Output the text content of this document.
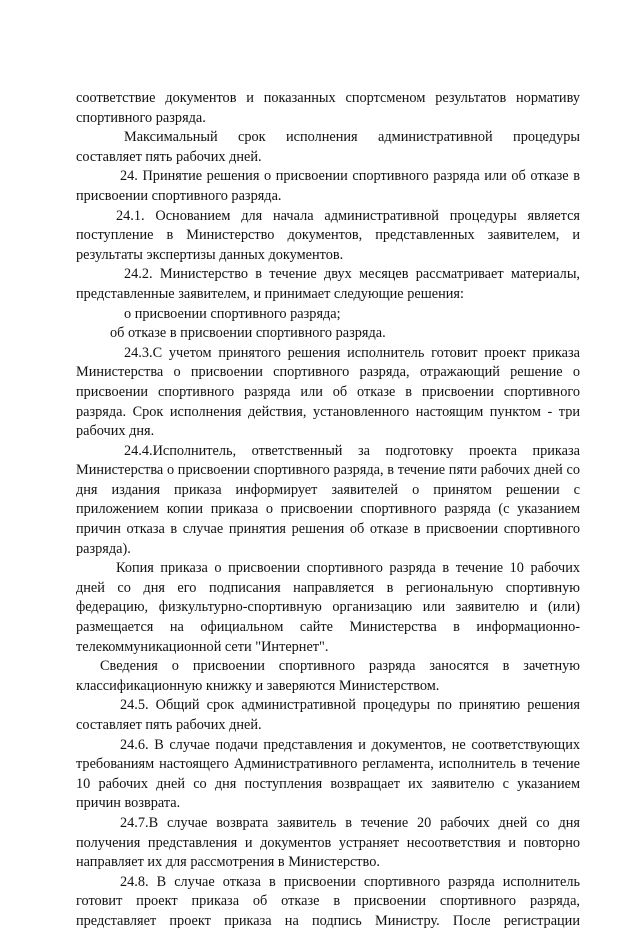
соответствие документов и показанных спортсменом результатов нормативу спортивного разряда.

Максимальный срок исполнения административной процедуры составляет пять рабочих дней.

24. Принятие решения о присвоении спортивного разряда или об отказе в присвоении спортивного разряда.

24.1. Основанием для начала административной процедуры является поступление в Министерство документов, представленных заявителем, и результаты экспертизы данных документов.

24.2. Министерство в течение двух месяцев рассматривает материалы, представленные заявителем, и принимает следующие решения:

о присвоении спортивного разряда;

об отказе в присвоении спортивного разряда.

24.3.С учетом принятого решения исполнитель готовит проект приказа Министерства о присвоении спортивного разряда, отражающий решение о присвоении спортивного разряда или об отказе в присвоении спортивного разряда. Срок исполнения действия, установленного настоящим пунктом - три рабочих дня.

24.4.Исполнитель, ответственный за подготовку проекта приказа Министерства о присвоении спортивного разряда, в течение пяти рабочих дней со дня издания приказа информирует заявителей о принятом решении с приложением копии приказа о присвоении спортивного разряда (с указанием причин отказа в случае принятия решения об отказе в присвоении спортивного разряда).

Копия приказа о присвоении спортивного разряда в течение 10 рабочих дней со дня его подписания направляется в региональную спортивную федерацию, физкультурно-спортивную организацию или заявителю и (или) размещается на официальном сайте Министерства в информационно-телекоммуникационной сети "Интернет".

Сведения о присвоении спортивного разряда заносятся в зачетную классификационную книжку и заверяются Министерством.

24.5. Общий срок административной процедуры по принятию решения составляет пять рабочих дней.

24.6. В случае подачи представления и документов, не соответствующих требованиям настоящего Административного регламента, исполнитель в течение 10 рабочих дней со дня поступления возвращает их заявителю с указанием причин возврата.

24.7.В случае возврата заявитель в течение 20 рабочих дней со дня получения представления и документов устраняет несоответствия и повторно направляет их для рассмотрения в Министерство.

24.8. В случае отказа в присвоении спортивного разряда исполнитель готовит проект приказа об отказе в присвоении спортивного разряда, представляет проект приказа на подпись Министру. После регистрации
